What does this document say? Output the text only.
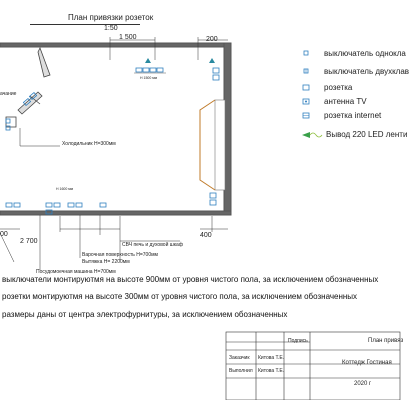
План привязки розеток
1:50
1 500	200
H 1500 мм
H 1600 мм
Холодильник H=300мм
ачание
00
2 700
400
СВЧ печь и духовой шкаф
Варочная поверхность H=700мм
Вытяжка H= 2200мм
Посудомоечная машина H=700мм
выключатель однокла
выключатель двухклав
розетка
антенна TV
розетка internet
Вывод 220 LED ленти
выключатели монтируютмя на высоте 900мм от уровня чистого пола, за исключением обозначенных
розетки монтируютмя на высоте 300мм от уровня чистого пола, за исключением обозначенных
размеры даны от центра электрофурнитуры, за исключением обозначенных
Подпись	План привяз
Заказчик Китова Т.Е.
Выполнил Китова Т.Е.
Коттедж Гостиная
2020 г
